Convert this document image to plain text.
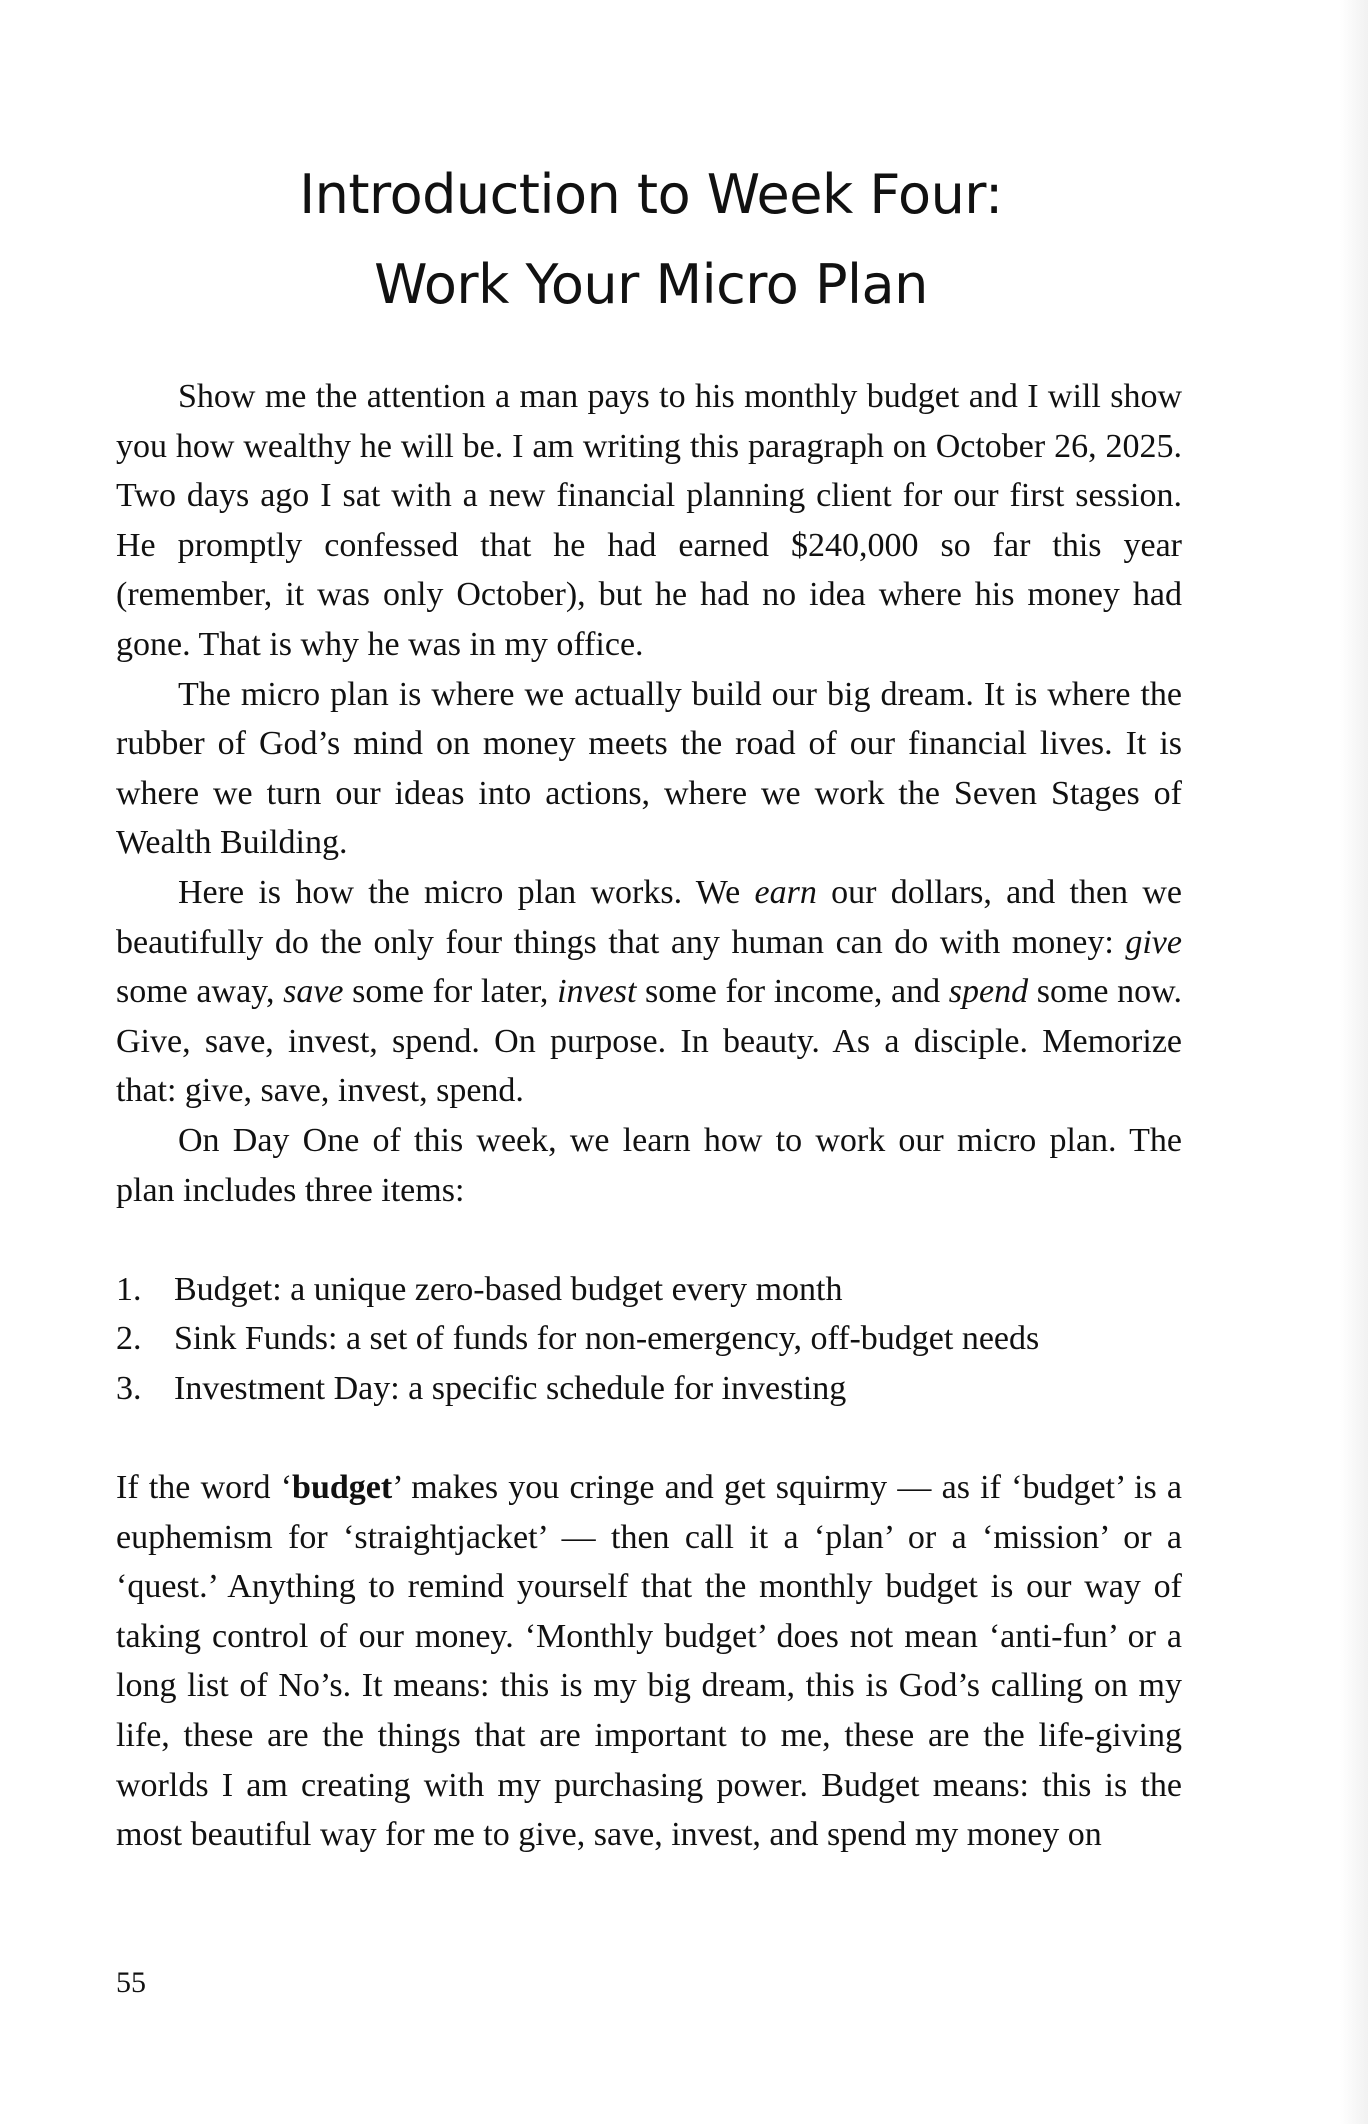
Introduction to Week Four:
Work Your Micro Plan

Show me the attention a man pays to his monthly budget and I will show you how wealthy he will be. I am writing this paragraph on October 26, 2025. Two days ago I sat with a new financial planning client for our first session. He promptly confessed that he had earned $240,000 so far this year (remember, it was only October), but he had no idea where his money had gone. That is why he was in my office.

The micro plan is where we actually build our big dream. It is where the rubber of God’s mind on money meets the road of our financial lives. It is where we turn our ideas into actions, where we work the Seven Stages of Wealth Building.

Here is how the micro plan works. We earn our dollars, and then we beautifully do the only four things that any human can do with money: give some away, save some for later, invest some for income, and spend some now. Give, save, invest, spend. On purpose. In beauty. As a disciple. Memorize that: give, save, invest, spend.

On Day One of this week, we learn how to work our micro plan. The plan includes three items:

1. Budget: a unique zero-based budget every month
2. Sink Funds: a set of funds for non-emergency, off-budget needs
3. Investment Day: a specific schedule for investing

If the word ‘budget’ makes you cringe and get squirmy — as if ‘budget’ is a euphemism for ‘straightjacket’ — then call it a ‘plan’ or a ‘mission’ or a ‘quest.’ Anything to remind yourself that the monthly budget is our way of taking control of our money. ‘Monthly budget’ does not mean ‘anti-fun’ or a long list of No’s. It means: this is my big dream, this is God’s calling on my life, these are the things that are important to me, these are the life-giving worlds I am creating with my purchasing power. Budget means: this is the most beautiful way for me to give, save, invest, and spend my money on

55
